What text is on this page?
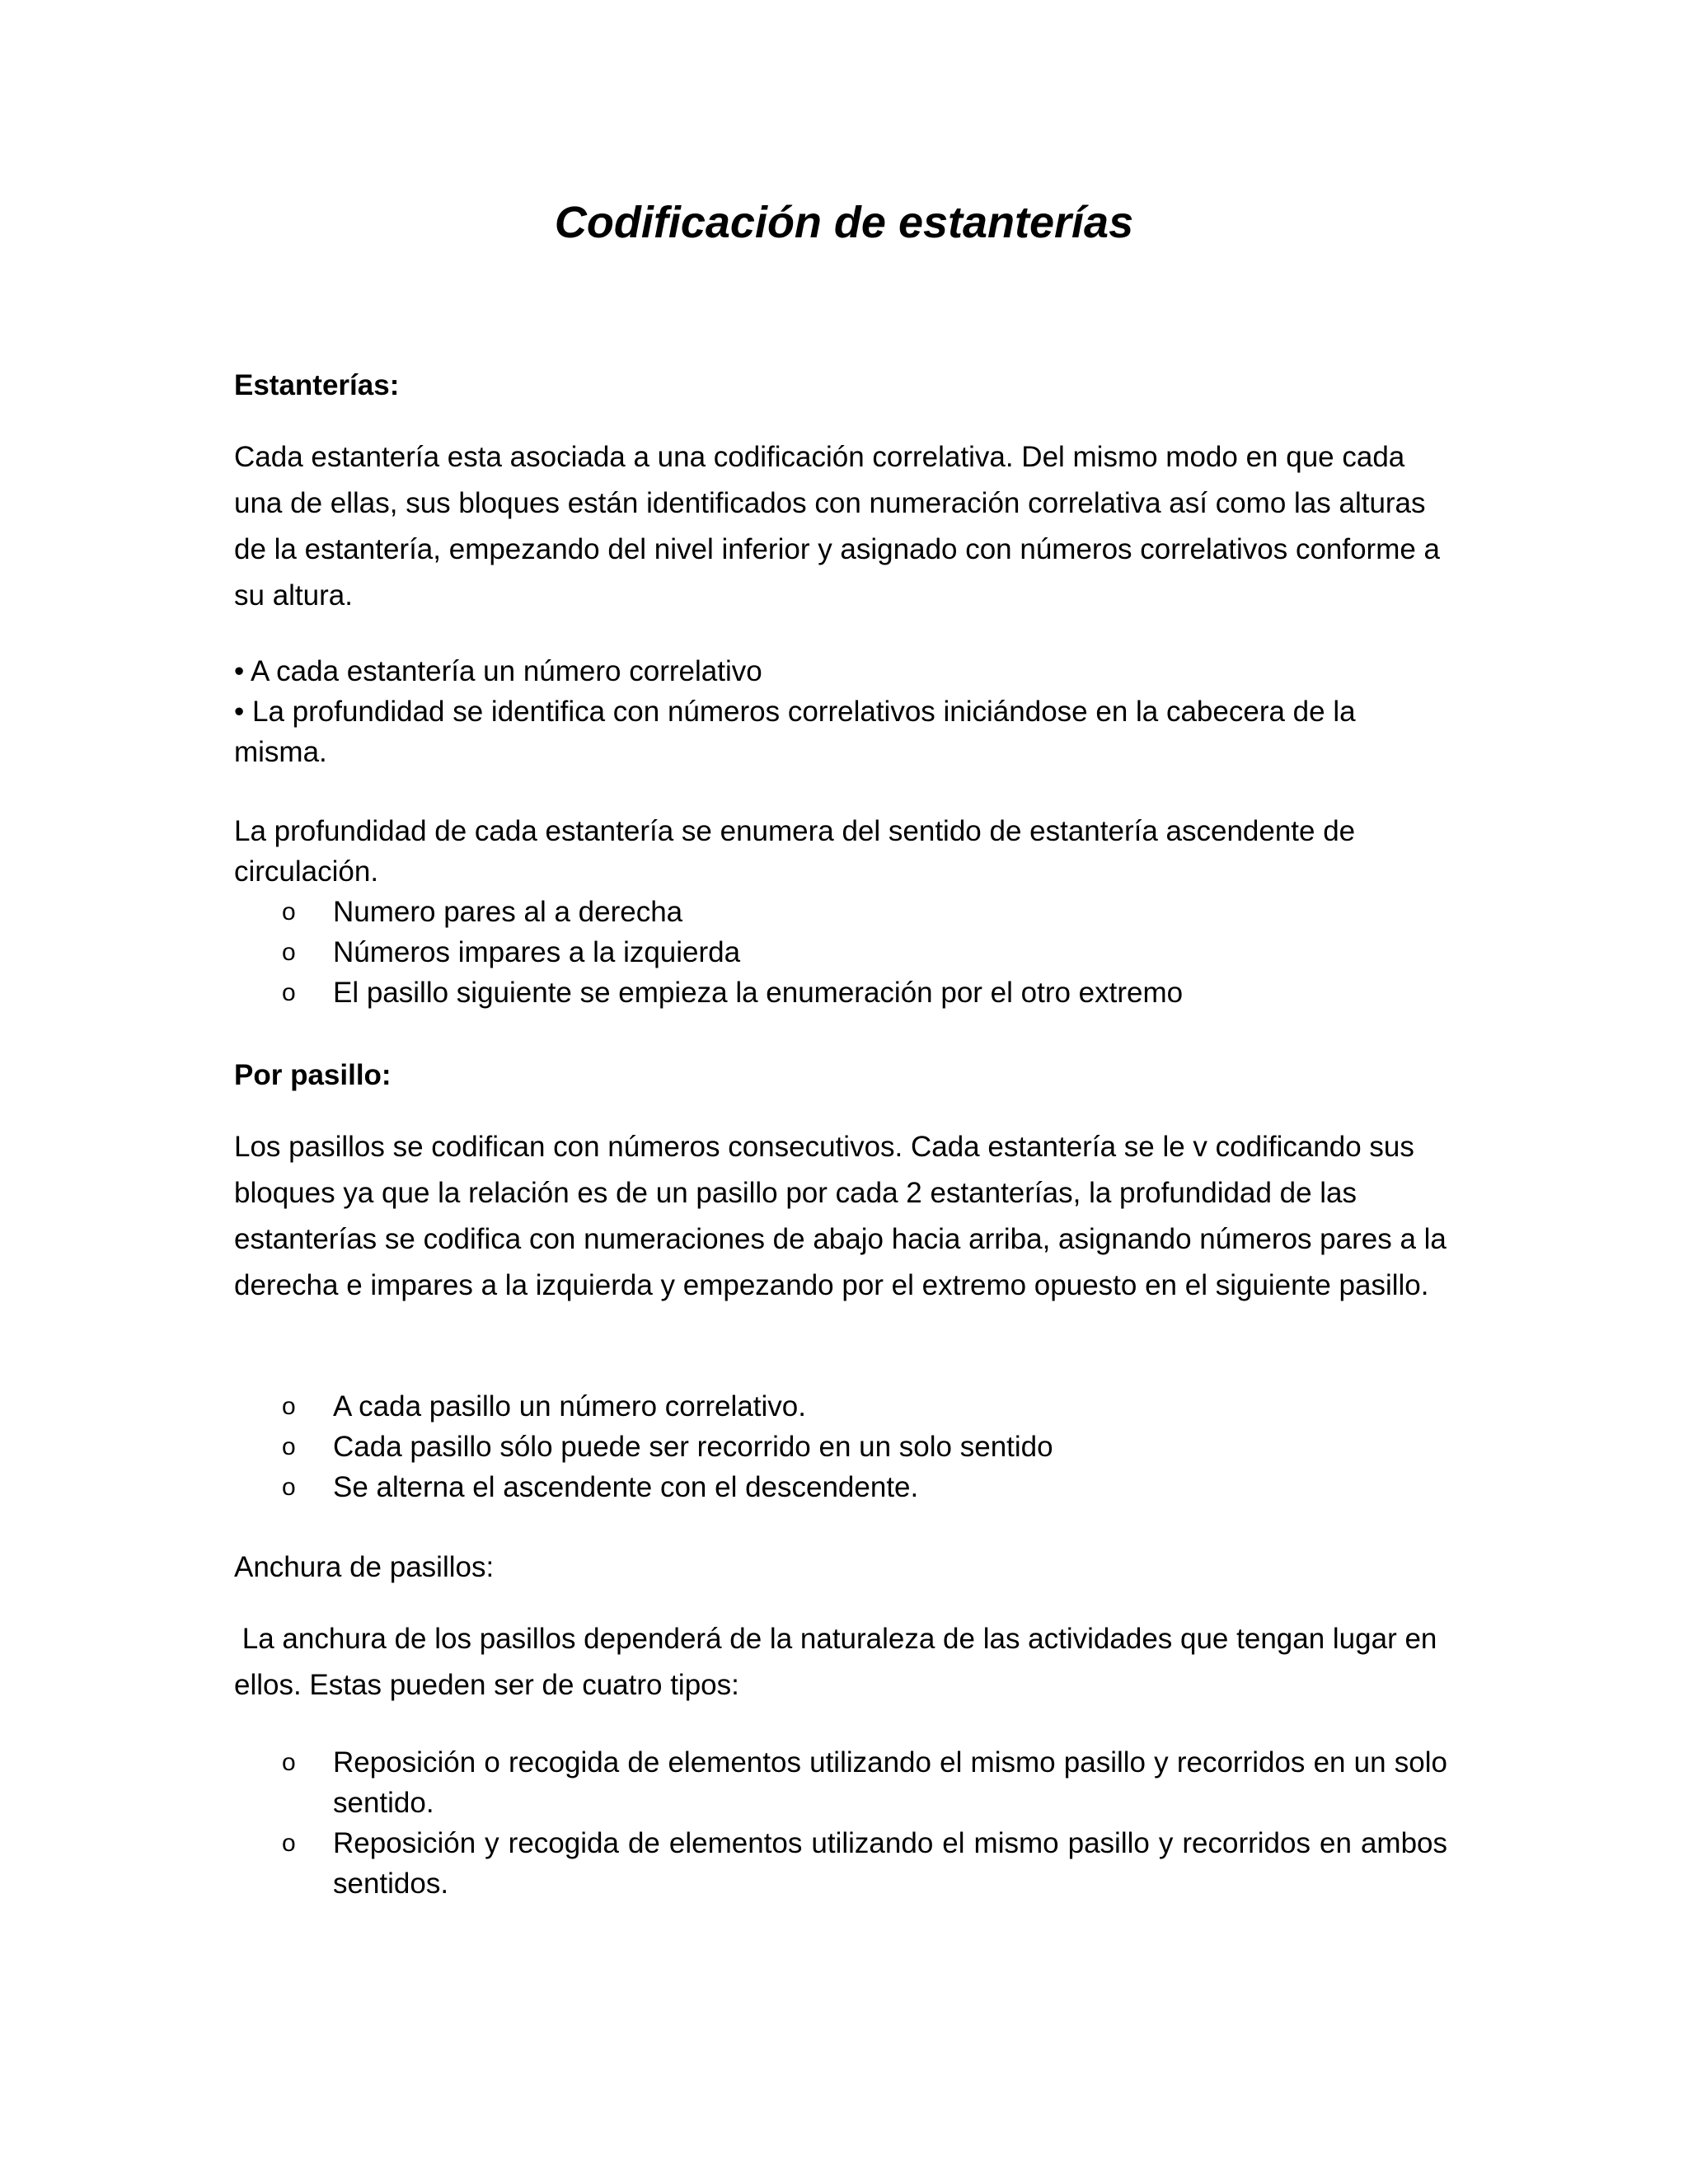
Codificación de estanterías
Estanterías:

Cada estantería esta asociada a una codificación correlativa. Del mismo modo en que cada una de ellas, sus bloques están identificados con numeración correlativa así como las alturas de la estantería, empezando del nivel inferior y asignado con números correlativos conforme a su altura.

• A cada estantería un número correlativo
• La profundidad se identifica con números correlativos iniciándose en la cabecera de la misma.

La profundidad de cada estantería se enumera del sentido de estantería ascendente de circulación.

o Numero pares al a derecha
o Números impares a la izquierda
o El pasillo siguiente se empieza la enumeración por el otro extremo
Por pasillo:

Los pasillos se codifican con números consecutivos. Cada estantería se le v codificando sus bloques ya que la relación es de un pasillo por cada 2 estanterías, la profundidad de las estanterías se codifica con numeraciones de abajo hacia arriba, asignando números pares a la derecha e impares a la izquierda y empezando por el extremo opuesto en el siguiente pasillo.

o A cada pasillo un número correlativo.
o Cada pasillo sólo puede ser recorrido en un solo sentido
o Se alterna el ascendente con el descendente.
Anchura de pasillos:

La anchura de los pasillos dependerá de la naturaleza de las actividades que tengan lugar en ellos. Estas pueden ser de cuatro tipos:

o Reposición o recogida de elementos utilizando el mismo pasillo y recorridos en un solo sentido.
o Reposición y recogida de elementos utilizando el mismo pasillo y recorridos en ambos sentidos.
